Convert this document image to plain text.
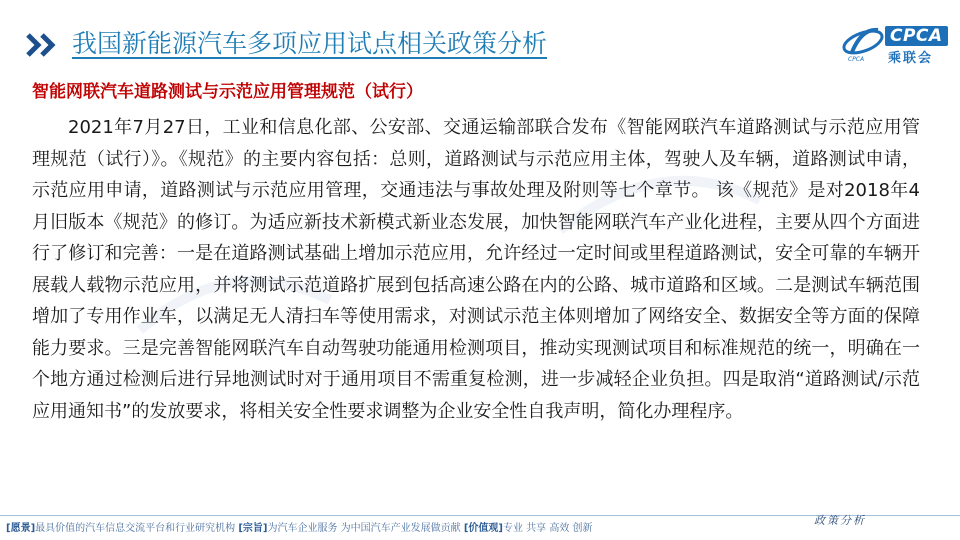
我国新能源汽车多项应用试点相关政策分析	CPCA
乘联会
CPCA
智能网联汽车道路测试与示范应用管理规范（试行）

2021年7月27日，工业和信息化部、公安部、交通运输部联合发布《智能网联汽车道路测试与示范应用管理规范（试行）》。《规范》的主要内容包括：总则，道路测试与示范应用主体，驾驶人及车辆，道路测试申请，示范应用申请，道路测试与示范应用管理，交通违法与事故处理及附则等七个章节。 该《规范》是对2018年4月旧版本《规范》的修订。为适应新技术新模式新业态发展，加快智能网联汽车产业化进程，主要从四个方面进行了修订和完善：一是在道路测试基础上增加示范应用，允许经过一定时间或里程道路测试，安全可靠的车辆开展载人载物示范应用，并将测试示范道路扩展到包括高速公路在内的公路、城市道路和区域。二是测试车辆范围增加了专用作业车，以满足无人清扫车等使用需求，对测试示范主体则增加了网络安全、数据安全等方面的保障能力要求。三是完善智能网联汽车自动驾驶功能通用检测项目，推动实现测试项目和标准规范的统一，明确在一个地方通过检测后进行异地测试时对于通用项目不需重复检测，进一步减轻企业负担。四是取消“道路测试/示范应用通知书”的发放要求，将相关安全性要求调整为企业安全性自我声明，简化办理程序。

[愿景]最具价值的汽车信息交流平台和行业研究机构 [宗旨]为汽车企业服务 为中国汽车产业发展做贡献 [价值观]专业 共享 高效 创新
政策分析
